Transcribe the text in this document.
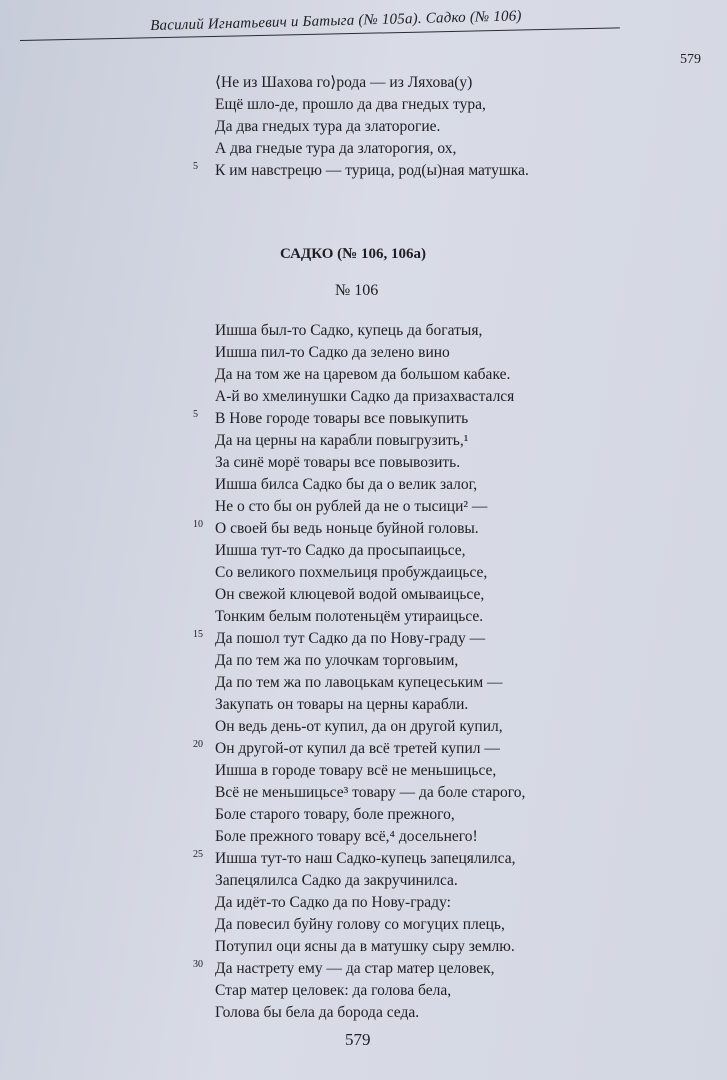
Василий Игнатьевич и Батыга (№ 105а). Садко (№ 106)
579
⟨Не из Шахова го⟩рода — из Ляхова(у)
Ещё шло-де, прошло да два гнедых тура,
Да два гнедых тура да златорогие.
А два гнедые тура да златорогия, ох,
5 К им навстрецю — турица, род(ы)ная матушка.
САДКО (№ 106, 106а)
№ 106
Ишша был-то Садко, купець да богатыя,
Ишша пил-то Садко да зелено вино
Да на том же на царевом да большом кабаке.
А-й во хмелинушки Садко да призахвастался
5 В Нове городе товары все повыкупить
Да на церны на карабли повыгрузить,¹
За синё морё товары все повывозить.
Ишша билса Садко бы да о велик залог,
Не о сто бы он рублей да не о тысици² —
10 О своей бы ведь ноньце буйной головы.
Ишша тут-то Садко да просыпаицьсе,
Со великого похмельиця пробуждаицьсе,
Он свежой клюцевой водой омываицьсе,
Тонким белым полотеньцём утираицьсе.
15 Да пошол тут Садко да по Нову-граду —
Да по тем жа по улочкам торговыим,
Да по тем жа по лавоцькам купецеським —
Закупать он товары на церны карабли.
Он ведь день-от купил, да он другой купил,
20 Он другой-от купил да всё третей купил —
Ишша в городе товару всё не меньшицьсе,
Всё не меньшицьсе³ товару — да боле старого,
Боле старого товару, боле прежного,
Боле прежного товару всё,⁴ досельнего!
25 Ишша тут-то наш Садко-купець запецялилса,
Запецялилса Садко да закручинилса.
Да идёт-то Садко да по Нову-граду:
Да повесил буйну голову со могуцих плець,
Потупил оци ясны да в матушку сыру землю.
30 Да настрету ему — да стар матер целовек,
Стар матер целовек: да голова бела,
Голова бы бела да борода седа.
579
